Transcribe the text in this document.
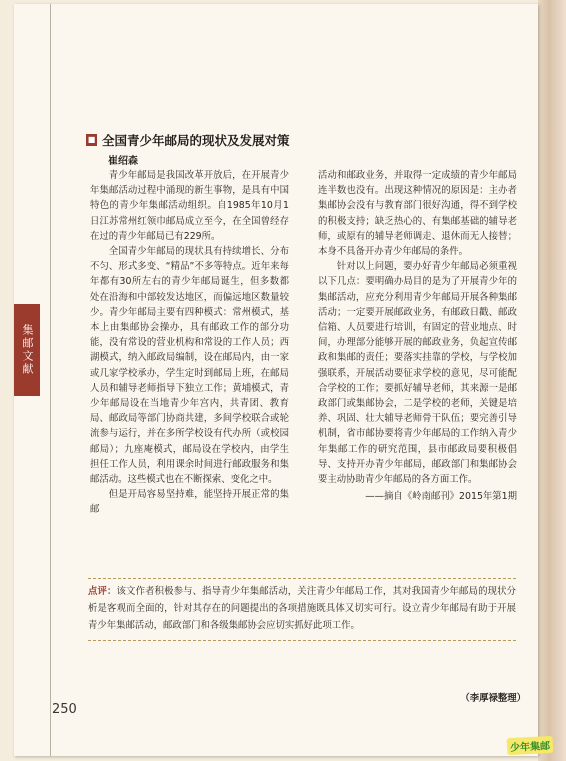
集邮文献
■ 全国青少年邮局的现状及发展对策
崔绍森

青少年邮局是我国改革开放后，在开展青少年集邮活动过程中涌现的新生事物，是具有中国特色的青少年集邮活动组织。自1985年10月1日江苏常州红领巾邮局成立至今，在全国曾经存在过的青少年邮局已有229所。

全国青少年邮局的现状具有持续增长、分布不匀、形式多变、“精品”不多等特点。近年来每年都有30所左右的青少年邮局诞生，但多数都处在沿海和中部较发达地区，而偏远地区数量较少。青少年邮局主要有四种模式：常州模式，基本上由集邮协会操办，具有邮政工作的部分功能，没有常设的营业机构和常设的工作人员；西湖模式，纳入邮政局编制，设在邮局内，由一家或几家学校承办，学生定时到邮局上班，在邮局人员和辅导老师指导下独立工作；黄埔模式，青少年邮局设在当地青少年宫内，共青团、教育局、邮政局等部门协商共建，多间学校联合或轮流参与运行，并在多所学校设有代办所（或校园邮局）；九座庵模式，邮局设在学校内，由学生担任工作人员，利用课余时间进行邮政服务和集邮活动。这些模式也在不断探索、变化之中。

但是开局容易坚持难，能坚持开展正常的集邮

活动和邮政业务，并取得一定成绩的青少年邮局连半数也没有。出现这种情况的原因是：主办者集邮协会没有与教育部门很好沟通，得不到学校的积极支持；缺乏热心的、有集邮基础的辅导老师，或原有的辅导老师调走、退休而无人接替；本身不具备开办青少年邮局的条件。

针对以上问题，要办好青少年邮局必须重视以下几点：要明确办局目的是为了开展青少年的集邮活动，应充分利用青少年邮局开展各种集邮活动；一定要开展邮政业务，有邮政日戳、邮政信箱、人员要进行培训，有固定的营业地点、时间，办理部分能够开展的邮政业务，负起宣传邮政和集邮的责任；要落实挂靠的学校，与学校加强联系，开展活动要征求学校的意见，尽可能配合学校的工作；要抓好辅导老师，其来源一是邮政部门或集邮协会，二是学校的老师，关键是培养、巩固、壮大辅导老师骨干队伍；要完善引导机制，省市邮协要将青少年邮局的工作纳入青少年集邮工作的研究范围，县市邮政局要积极倡导、支持开办青少年邮局，邮政部门和集邮协会要主动协助青少年邮局的各方面工作。

——摘自《岭南邮刊》2015年第1期
点评：该文作者积极参与、指导青少年集邮活动，关注青少年邮局工作，其对我国青少年邮局的现状分析是客观而全面的，针对其存在的问题提出的各项措施既具体又切实可行。设立青少年邮局有助于开展青少年集邮活动，邮政部门和各级集邮协会应切实抓好此项工作。
（李厚禄整理）
250
少年集邮
